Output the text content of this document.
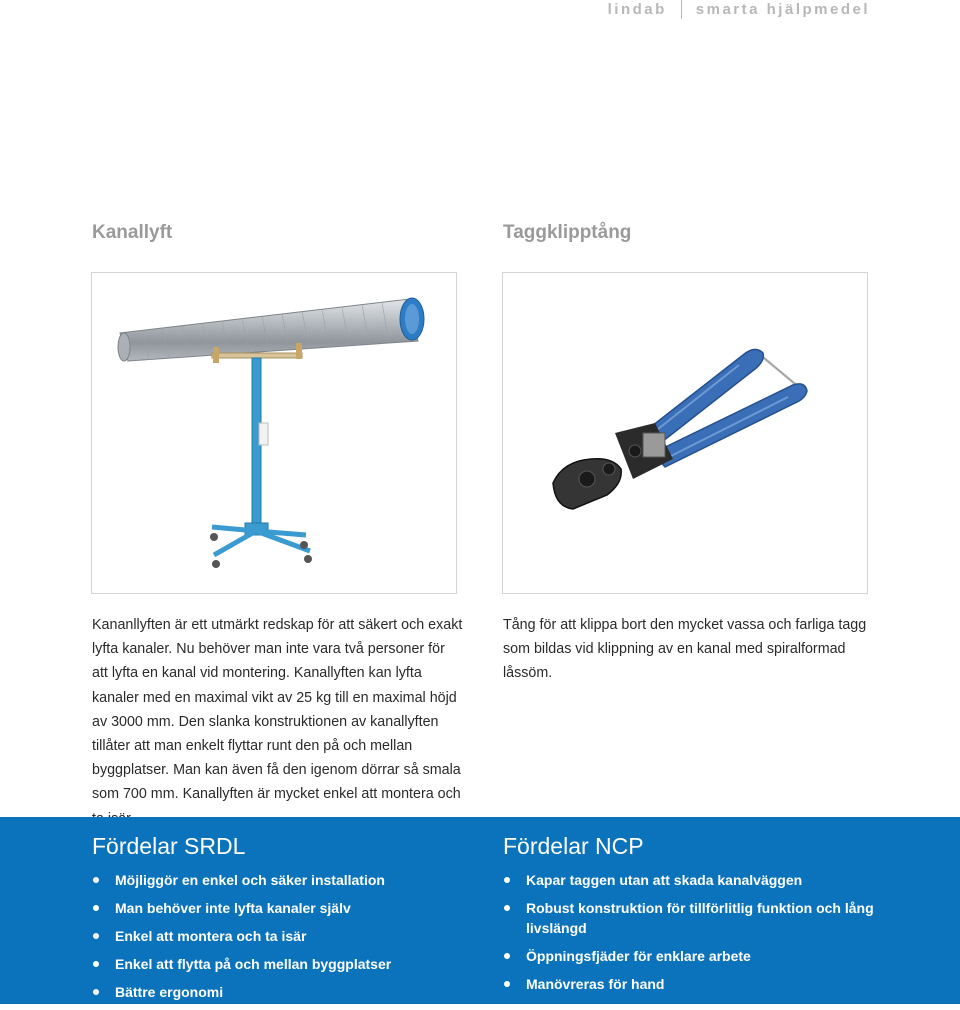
lindab smarta hjälpmedel
Kanallyft	Taggklipptång

Kananllyften är ett utmärkt redskap för att säkert och exakt lyfta kanaler. Nu behöver man inte vara två personer för att lyfta en kanal vid montering. Kanallyften kan lyfta kanaler med en maximal vikt av 25 kg till en maximal höjd av 3000 mm. Den slanka konstruktionen av kanallyften tillåter att man enkelt flyttar runt den på och mellan byggplatser. Man kan även få den igenom dörrar så smala som 700 mm. Kanallyften är mycket enkel att montera och

Tång för att klippa bort den mycket vassa och farliga tagg som bildas vid klippning av en kanal med spiralformad låssöm.

Fördelar SRDL
Möjliggör en enkel och säker installation
Man behöver inte lyfta kanaler själv
Enkel att montera och ta isär
Enkel att flytta på och mellan byggplatser
Bättre ergonomi
Fördelar NCP
Kapar taggen utan att skada kanalväggen
Robust konstruktion för tillförlitlig funktion och lång livslängd
Öppningsfjäder för enklare arbete
Manövreras för hand
